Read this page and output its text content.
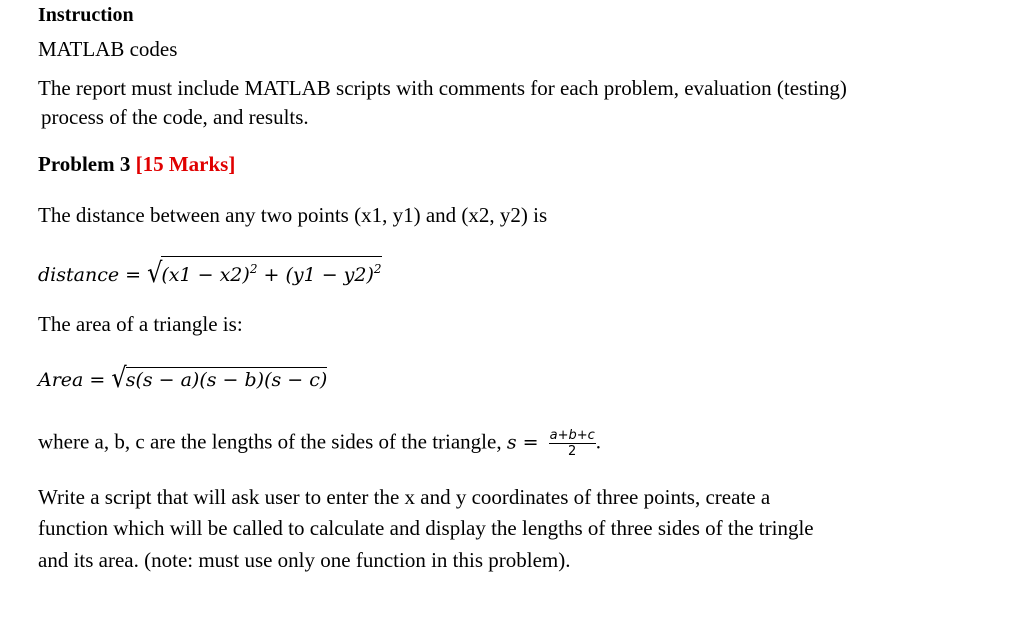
Instruction
MATLAB codes
The report must include MATLAB scripts with comments for each problem, evaluation (testing)
process of the code, and results.
Problem 3 [15 Marks]
The distance between any two points (x1, y1) and (x2, y2) is
distance = $√(x1 - x2)^2 + (y1 - y2)^2$
The area of a triangle is:
Area = √s(s − a)(s − b)(s − c)
where a, b, c are the lengths of the sides of the triangle, $s = \frac{a+b+c}{2}$ .
Write a script that will ask user to enter the x and y coordinates of three points, create a
function which will be called to calculate and display the lengths of three sides of the tringle
and its area. (note: must use only one function in this problem).
